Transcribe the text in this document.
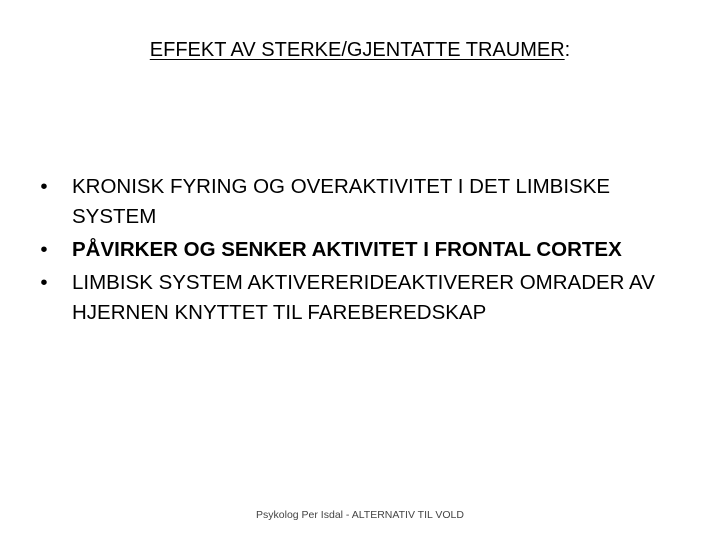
EFFEKT AV STERKE/GJENTATTE TRAUMER:
•	KRONISK FYRING OG OVERAKTIVITET I DET LIMBISKE SYSTEM
•	PÅVIRKER OG SENKER AKTIVITET I FRONTAL CORTEX
•	LIMBISK SYSTEM AKTIVERERIDEAKTIVERER OMRADER AV HJERNEN KNYTTET TIL FAREBEREDSKAP
Psykolog Per Isdal - ALTERNATIV TIL VOLD
